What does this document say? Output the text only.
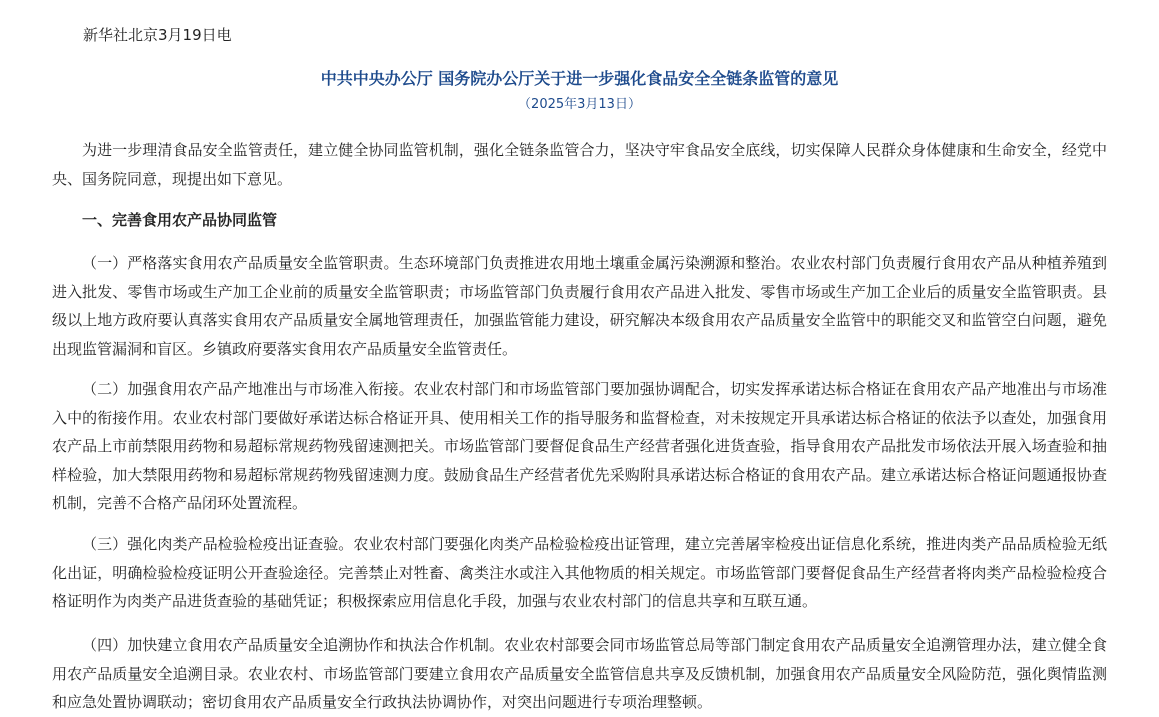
新华社北京3月19日电
中共中央办公厅 国务院办公厅关于进一步强化食品安全全链条监管的意见
（2025年3月13日）

为进一步理清食品安全监管责任，建立健全协同监管机制，强化全链条监管合力，坚决守牢食品安全底线，切实保障人民群众身体健康和生命安全，经党中央、国务院同意，现提出如下意见。

一、完善食用农产品协同监管

（一）严格落实食用农产品质量安全监管职责。生态环境部门负责推进农用地土壤重金属污染溯源和整治。农业农村部门负责履行食用农产品从种植养殖到进入批发、零售市场或生产加工企业前的质量安全监管职责；市场监管部门负责履行食用农产品进入批发、零售市场或生产加工企业后的质量安全监管职责。县级以上地方政府要认真落实食用农产品质量安全属地管理责任，加强监管能力建设，研究解决本级食用农产品质量安全监管中的职能交叉和监管空白问题，避免出现监管漏洞和盲区。乡镇政府要落实食用农产品质量安全监管责任。

（二）加强食用农产品产地准出与市场准入衔接。农业农村部门和市场监管部门要加强协调配合，切实发挥承诺达标合格证在食用农产品产地准出与市场准入中的衔接作用。农业农村部门要做好承诺达标合格证开具、使用相关工作的指导服务和监督检查，对未按规定开具承诺达标合格证的依法予以查处，加强食用农产品上市前禁限用药物和易超标常规药物残留速测把关。市场监管部门要督促食品生产经营者强化进货查验，指导食用农产品批发市场依法开展入场查验和抽样检验，加大禁限用药物和易超标常规药物残留速测力度。鼓励食品生产经营者优先采购附具承诺达标合格证的食用农产品。建立承诺达标合格证问题通报协查机制，完善不合格产品闭环处置流程。

（三）强化肉类产品检验检疫出证查验。农业农村部门要强化肉类产品检验检疫出证管理，建立完善屠宰检疫出证信息化系统，推进肉类产品品质检验无纸化出证，明确检验检疫证明公开查验途径。完善禁止对牲畜、禽类注水或注入其他物质的相关规定。市场监管部门要督促食品生产经营者将肉类产品检验检疫合格证明作为肉类产品进货查验的基础凭证；积极探索应用信息化手段，加强与农业农村部门的信息共享和互联互通。

（四）加快建立食用农产品质量安全追溯协作和执法合作机制。农业农村部要会同市场监管总局等部门制定食用农产品质量安全追溯管理办法，建立健全食用农产品质量安全追溯目录。农业农村、市场监管部门要建立食用农产品质量安全监管信息共享及反馈机制，加强食用农产品质量安全风险防范，强化舆情监测和应急处置协调联动；密切食用农产品质量安全行政执法协调协作，对突出问题进行专项治理整顿。
